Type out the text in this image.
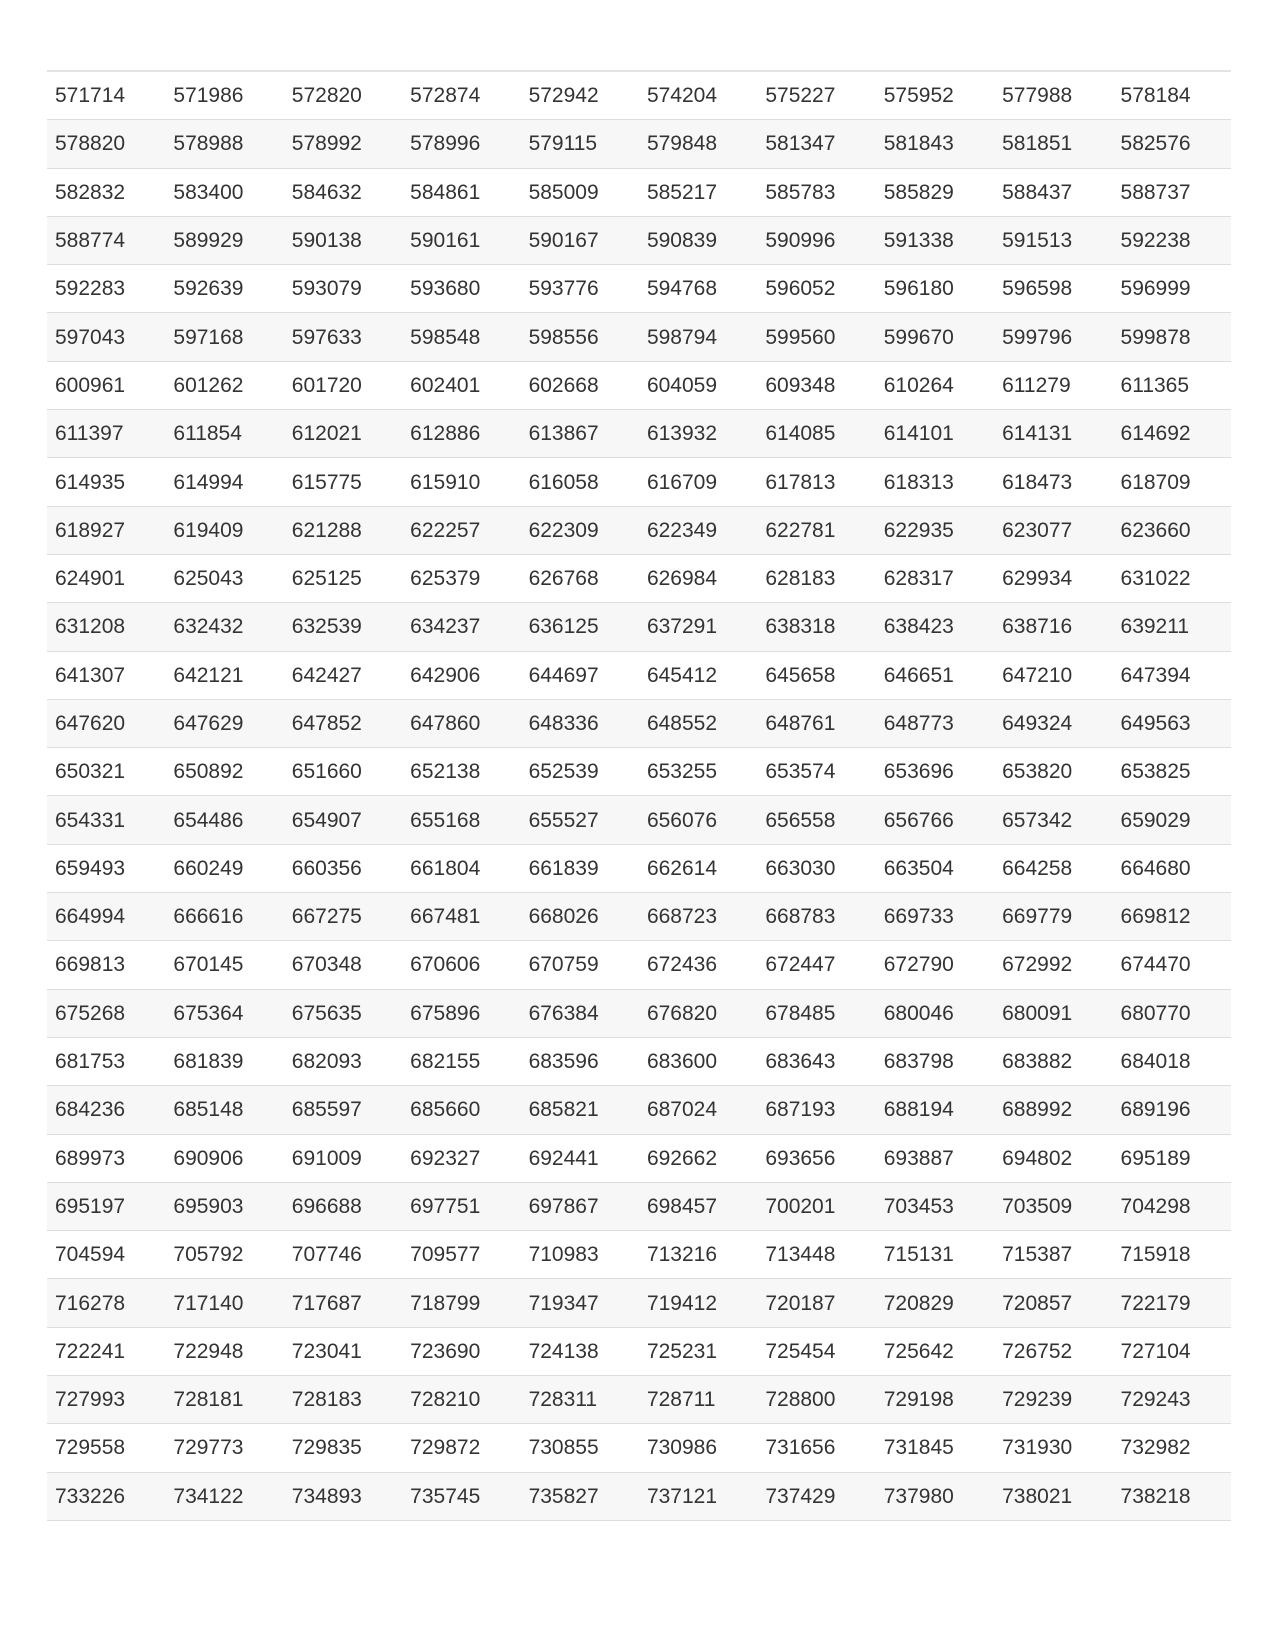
571714	571986	572820	572874	572942	574204	575227	575952	577988	578184
578820	578988	578992	578996	579115	579848	581347	581843	581851	582576
582832	583400	584632	584861	585009	585217	585783	585829	588437	588737
588774	589929	590138	590161	590167	590839	590996	591338	591513	592238
592283	592639	593079	593680	593776	594768	596052	596180	596598	596999
597043	597168	597633	598548	598556	598794	599560	599670	599796	599878
600961	601262	601720	602401	602668	604059	609348	610264	611279	611365
611397	611854	612021	612886	613867	613932	614085	614101	614131	614692
614935	614994	615775	615910	616058	616709	617813	618313	618473	618709
618927	619409	621288	622257	622309	622349	622781	622935	623077	623660
624901	625043	625125	625379	626768	626984	628183	628317	629934	631022
631208	632432	632539	634237	636125	637291	638318	638423	638716	639211
641307	642121	642427	642906	644697	645412	645658	646651	647210	647394
647620	647629	647852	647860	648336	648552	648761	648773	649324	649563
650321	650892	651660	652138	652539	653255	653574	653696	653820	653825
654331	654486	654907	655168	655527	656076	656558	656766	657342	659029
659493	660249	660356	661804	661839	662614	663030	663504	664258	664680
664994	666616	667275	667481	668026	668723	668783	669733	669779	669812
669813	670145	670348	670606	670759	672436	672447	672790	672992	674470
675268	675364	675635	675896	676384	676820	678485	680046	680091	680770
681753	681839	682093	682155	683596	683600	683643	683798	683882	684018
684236	685148	685597	685660	685821	687024	687193	688194	688992	689196
689973	690906	691009	692327	692441	692662	693656	693887	694802	695189
695197	695903	696688	697751	697867	698457	700201	703453	703509	704298
704594	705792	707746	709577	710983	713216	713448	715131	715387	715918
716278	717140	717687	718799	719347	719412	720187	720829	720857	722179
722241	722948	723041	723690	724138	725231	725454	725642	726752	727104
727993	728181	728183	728210	728311	728711	728800	729198	729239	729243
729558	729773	729835	729872	730855	730986	731656	731845	731930	732982
733226	734122	734893	735745	735827	737121	737429	737980	738021	738218
